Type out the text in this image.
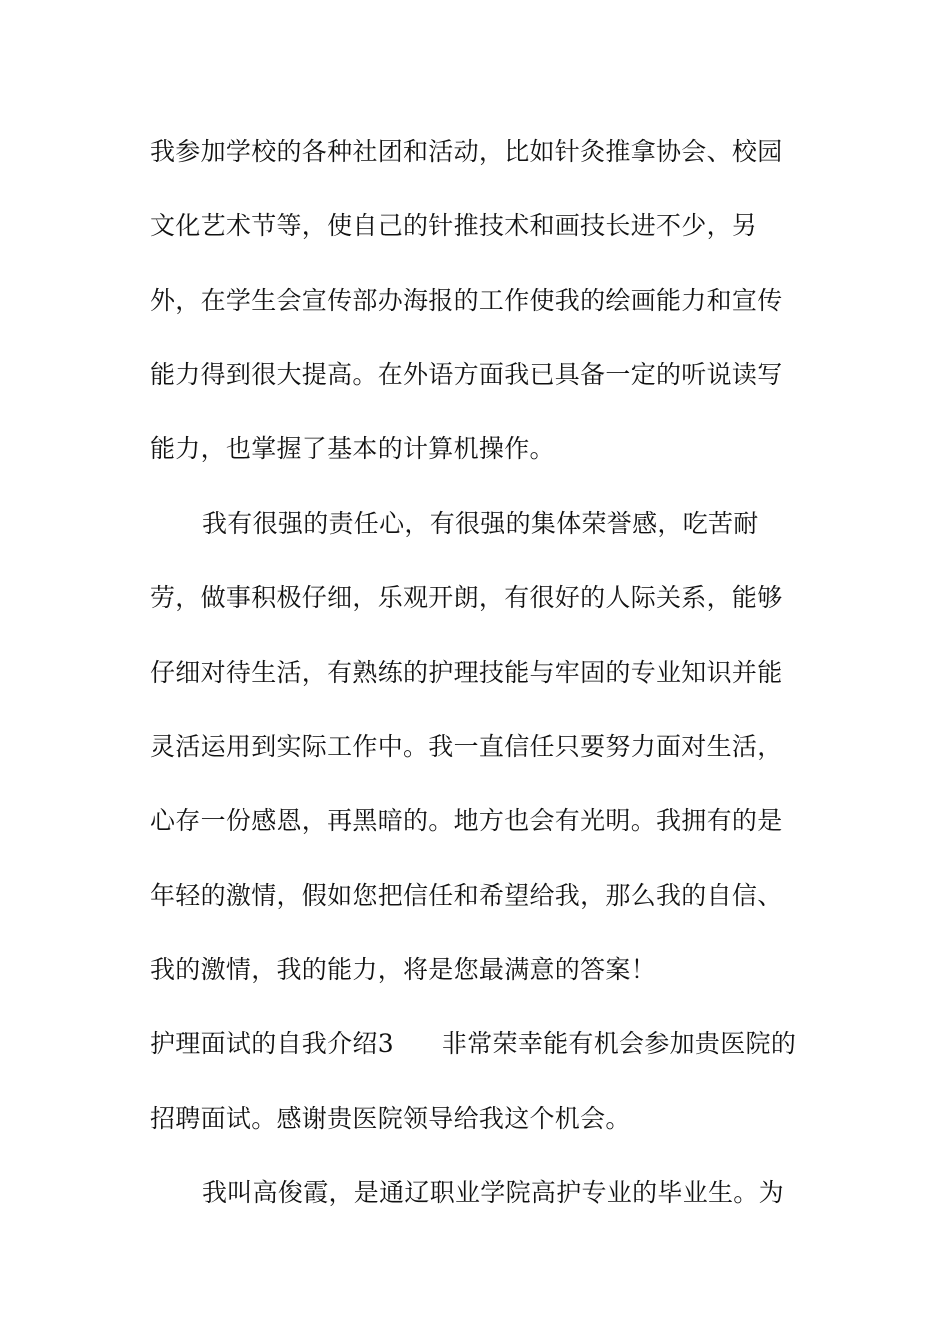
我参加学校的各种社团和活动，比如针灸推拿协会、校园
文化艺术节等，使自己的针推技术和画技长进不少，另
外，在学生会宣传部办海报的工作使我的绘画能力和宣传
能力得到很大提高。在外语方面我已具备一定的听说读写
能力，也掌握了基本的计算机操作。
我有很强的责任心，有很强的集体荣誉感，吃苦耐
劳，做事积极仔细，乐观开朗，有很好的人际关系，能够
仔细对待生活，有熟练的护理技能与牢固的专业知识并能
灵活运用到实际工作中。我一直信任只要努力面对生活，
心存一份感恩，再黑暗的。地方也会有光明。我拥有的是
年轻的激情，假如您把信任和希望给我，那么我的自信、
我的激情，我的能力，将是您最满意的答案！
护理面试的自我介绍3 非常荣幸能有机会参加贵医院的
招聘面试。感谢贵医院领导给我这个机会。
我叫高俊霞，是通辽职业学院高护专业的毕业生。为
